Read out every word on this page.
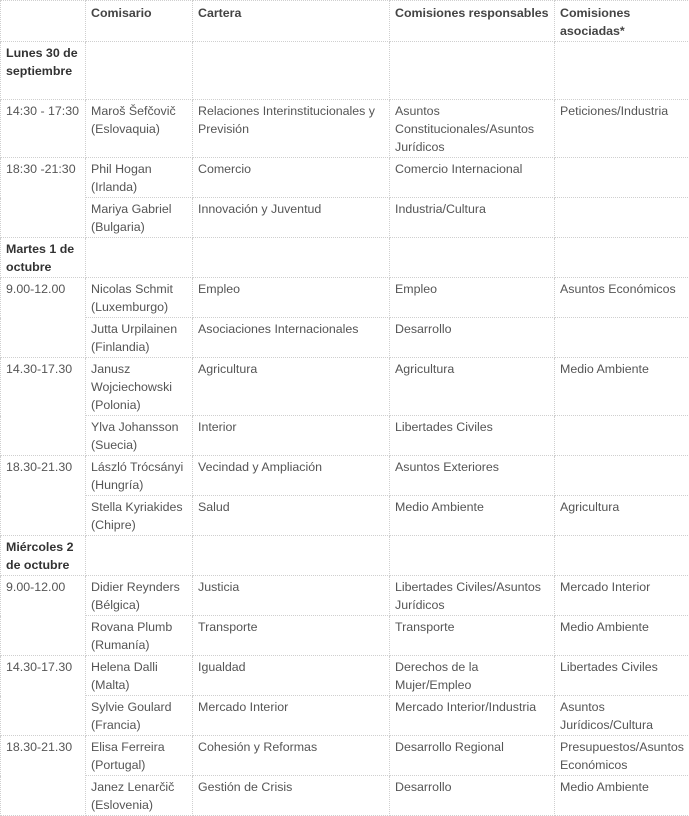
	Comisario	Cartera	Comisiones responsables	Comisiones asociadas*
Lunes 30 de septiembre				
14:30 - 17:30	Maroš Šefčovič (Eslovaquia)	Relaciones Interinstitucionales y Previsión	Asuntos Constitucionales/Asuntos Jurídicos	Peticiones/Industria
18:30 -21:30	Phil Hogan (Irlanda)	Comercio	Comercio Internacional	
	Mariya Gabriel (Bulgaria)	Innovación y Juventud	Industria/Cultura	
Martes 1 de octubre				
9.00-12.00	Nicolas Schmit (Luxemburgo)	Empleo	Empleo	Asuntos Económicos
	Jutta Urpilainen (Finlandia)	Asociaciones Internacionales	Desarrollo	
14.30-17.30	Janusz Wojciechowski (Polonia)	Agricultura	Agricultura	Medio Ambiente
	Ylva Johansson (Suecia)	Interior	Libertades Civiles	
18.30-21.30	László Trócsányi (Hungría)	Vecindad y Ampliación	Asuntos Exteriores	
	Stella Kyriakides (Chipre)	Salud	Medio Ambiente	Agricultura
Miércoles 2 de octubre				
9.00-12.00	Didier Reynders (Bélgica)	Justicia	Libertades Civiles/Asuntos Jurídicos	Mercado Interior
	Rovana Plumb (Rumanía)	Transporte	Transporte	Medio Ambiente
14.30-17.30	Helena Dalli (Malta)	Igualdad	Derechos de la Mujer/Empleo	Libertades Civiles
	Sylvie Goulard (Francia)	Mercado Interior	Mercado Interior/Industria	Asuntos Jurídicos/Cultura
18.30-21.30	Elisa Ferreira (Portugal)	Cohesión y Reformas	Desarrollo Regional	Presupuestos/Asuntos Económicos
	Janez Lenarčič (Eslovenia)	Gestión de Crisis	Desarrollo	Medio Ambiente
